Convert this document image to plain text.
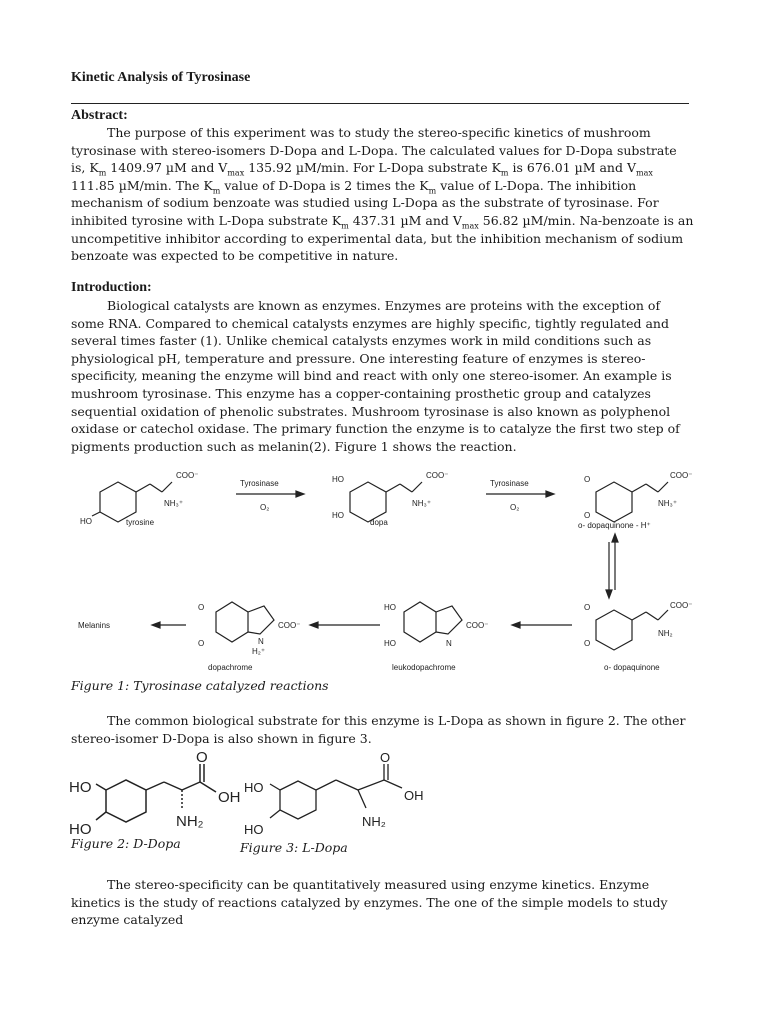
Kinetic Analysis of Tyrosinase
Abstract:

The purpose of this experiment was to study the stereo-specific kinetics of mushroom tyrosinase with stereo-isomers D-Dopa and L-Dopa. The calculated values for D-Dopa substrate is, $K_m$ 1409.97 µM and $V_{max}$ 135.92 µM/min. For L-Dopa substrate $K_m$ is 676.01 µM and $V_{max}$ 111.85 µM/min. The $K_m$ value of D-Dopa is 2 times the $K_m$ value of L-Dopa. The inhibition mechanism of sodium benzoate was studied using L-Dopa as the substrate of tyrosinase. For inhibited tyrosine with L-Dopa substrate $K_m$ 437.31 µM and $V_{max}$ 56.82 µM/min. Na-benzoate is an uncompetitive inhibitor according to experimental data, but the inhibition mechanism of sodium benzoate was expected to be competitive in nature.

Introduction:

Biological catalysts are known as enzymes. Enzymes are proteins with the exception of some RNA. Compared to chemical catalysts enzymes are highly specific, tightly regulated and several times faster (1). Unlike chemical catalysts enzymes work in mild conditions such as physiological pH, temperature and pressure. One interesting feature of enzymes is stereo-specificity, meaning the enzyme will bind and react with only one stereo-isomer. An example is mushroom tyrosinase. This enzyme has a copper-containing prosthetic group and catalyzes sequential oxidation of phenolic substrates. Mushroom tyrosinase is also known as polyphenol oxidase or catechol oxidase. The primary function the enzyme is to catalyze the first two step of pigments production such as melanin(2). Figure 1 shows the reaction.

COO⁻
NH₃⁺
HO	tyrosine
Tyrosinase
O₂
HO
HO
COO⁻
NH₃⁺
dopa
Tyrosinase
O₂
O
O
COO⁻
NH₃⁺
o- dopaquinone - H⁺
O
O
COO⁻
NH₂
o- dopaquinone
HO
HO
COO⁻
N
leukodopachrome
O
O
COO⁻
N
H₂⁺
dopachrome
Melanins
Figure 1: Tyrosinase catalyzed reactions

The common biological substrate for this enzyme is L-Dopa as shown in figure 2. The other stereo-isomer D-Dopa is also shown in figure 3.

HO
HO
O
OH
NH₂
Figure 2: D-Dopa
HO
HO
O
OH
NH₂
Figure 3: L-Dopa

The stereo-specificity can be quantitatively measured using enzyme kinetics. Enzyme kinetics is the study of reactions catalyzed by enzymes. The one of the simple models to study enzyme catalyzed
